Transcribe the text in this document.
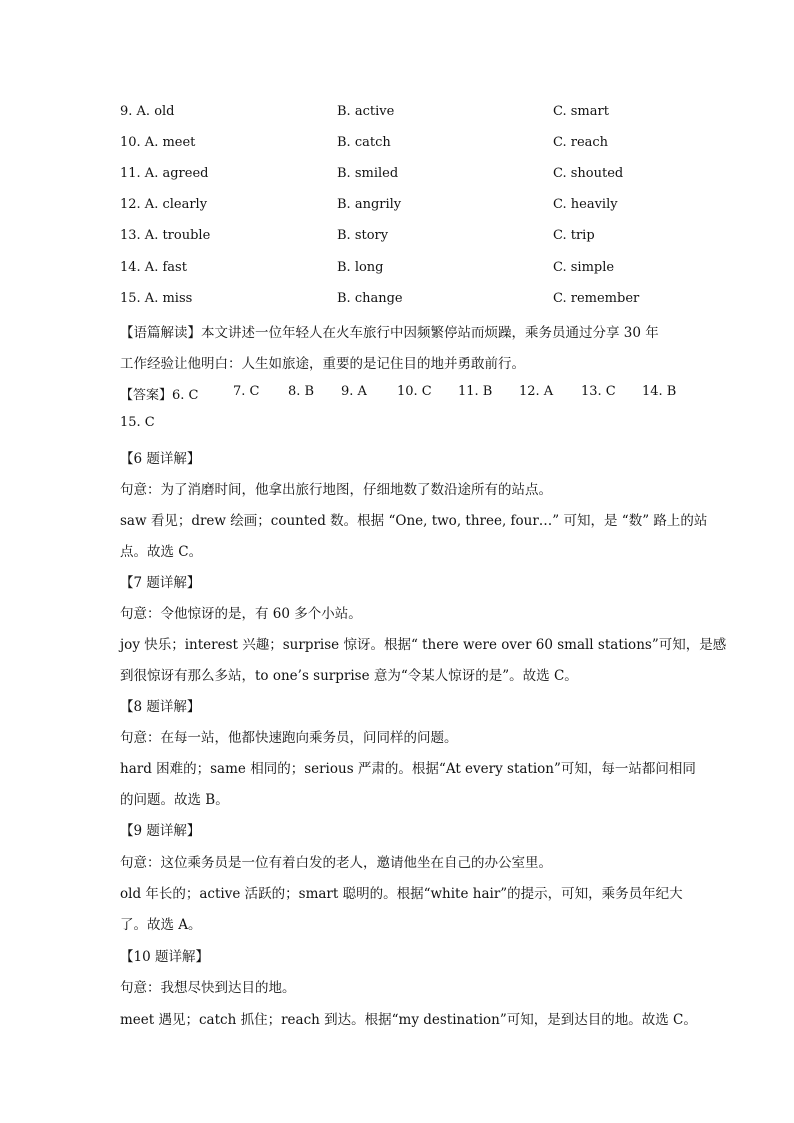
9. A. old	B. active	C. smart
10. A. meet	B. catch	C. reach
11. A. agreed	B. smiled	C. shouted
12. A. clearly	B. angrily	C. heavily
13. A. trouble	B. story	C. trip
14. A. fast	B. long	C. simple
15. A. miss	B. change	C. remember
【语篇解读】本文讲述一位年轻人在火车旅行中因频繁停站而烦躁，乘务员通过分享 30 年
工作经验让他明白：人生如旅途，重要的是记住目的地并勇敢前行。
【答案】6. C	7. C 8. B 9. A 10. C 11. B 12. A 13. C 14. B
15. C
【6 题详解】
句意：为了消磨时间，他拿出旅行地图，仔细地数了数沿途所有的站点。
saw 看见；drew 绘画；counted 数。根据 “One, two, three, four…” 可知，是 “数” 路上的站
点。故选 C。
【7 题详解】
句意：令他惊讶的是，有 60 多个小站。
joy 快乐；interest 兴趣；surprise 惊讶。根据“ there were over 60 small stations”可知，是感
到很惊讶有那么多站，to one’s surprise 意为“令某人惊讶的是”。故选 C。
【8 题详解】
句意：在每一站，他都快速跑向乘务员，问同样的问题。
hard 困难的；same 相同的；serious 严肃的。根据“At every station”可知，每一站都问相同
的问题。故选 B。
【9 题详解】
句意：这位乘务员是一位有着白发的老人，邀请他坐在自己的办公室里。
old 年长的；active 活跃的；smart 聪明的。根据“white hair”的提示，可知，乘务员年纪大
了。故选 A。
【10 题详解】
句意：我想尽快到达目的地。
meet 遇见；catch 抓住；reach 到达。根据“my destination”可知，是到达目的地。故选 C。
